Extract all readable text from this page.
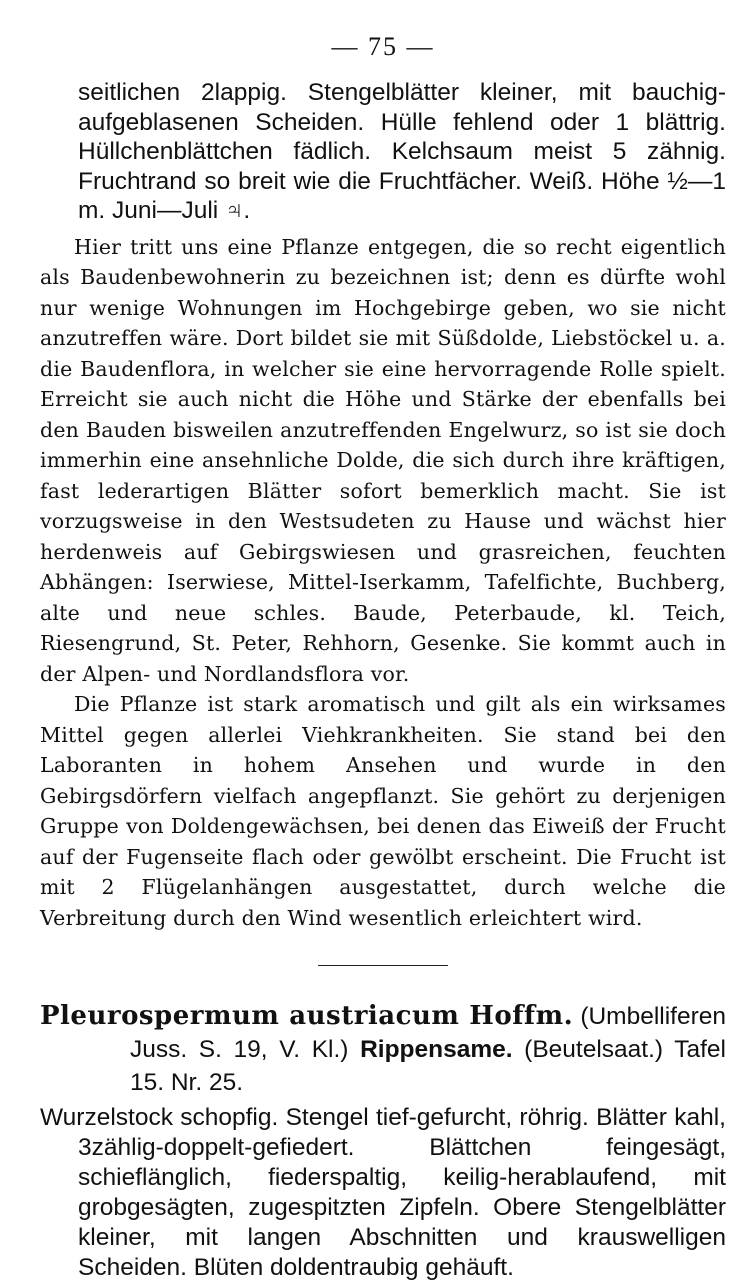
— 75 —

seitlichen 2lappig. Stengelblätter kleiner, mit bauchig-aufgeblasenen Scheiden. Hülle fehlend oder 1 blättrig. Hüllchenblättchen fädlich. Kelchsaum meist 5 zähnig. Fruchtrand so breit wie die Fruchtfächer. Weiß. Höhe ½—1 m. Juni—Juli ♃.

Hier tritt uns eine Pflanze entgegen, die so recht eigentlich als Baudenbewohnerin zu bezeichnen ist; denn es dürfte wohl nur wenige Wohnungen im Hochgebirge geben, wo sie nicht anzutreffen wäre. Dort bildet sie mit Süßdolde, Liebstöckel u. a. die Baudenflora, in welcher sie eine hervorragende Rolle spielt. Erreicht sie auch nicht die Höhe und Stärke der ebenfalls bei den Bauden bisweilen anzutreffenden Engelwurz, so ist sie doch immerhin eine ansehnliche Dolde, die sich durch ihre kräftigen, fast lederartigen Blätter sofort bemerklich macht. Sie ist vorzugsweise in den Westsudeten zu Hause und wächst hier herdenweis auf Gebirgswiesen und grasreichen, feuchten Abhängen: Iserwiese, Mittel-Iserkamm, Tafelfichte, Buchberg, alte und neue schles. Baude, Peterbaude, kl. Teich, Riesengrund, St. Peter, Rehhorn, Gesenke. Sie kommt auch in der Alpen- und Nordlandsflora vor.

Die Pflanze ist stark aromatisch und gilt als ein wirksames Mittel gegen allerlei Viehkrankheiten. Sie stand bei den Laboranten in hohem Ansehen und wurde in den Gebirgsdörfern vielfach angepflanzt. Sie gehört zu derjenigen Gruppe von Doldengewächsen, bei denen das Eiweiß der Frucht auf der Fugenseite flach oder gewölbt erscheint. Die Frucht ist mit 2 Flügelanhängen ausgestattet, durch welche die Verbreitung durch den Wind wesentlich erleichtert wird.

Pleurospermum austriacum Hoffm. (Umbelliferen Juss. S. 19, V. Kl.) Rippensame. (Beutelsaat.) Tafel 15. Nr. 25.

Wurzelstock schopfig. Stengel tief-gefurcht, röhrig. Blätter kahl, 3zählig-doppelt-gefiedert. Blättchen feingesägt, schieflänglich, fiederspaltig, keilig-herablaufend, mit grobgesägten, zugespitzten Zipfeln. Obere Stengelblätter kleiner, mit langen Abschnitten und krauswelligen Scheiden. Blüten doldentraubig gehäuft.
